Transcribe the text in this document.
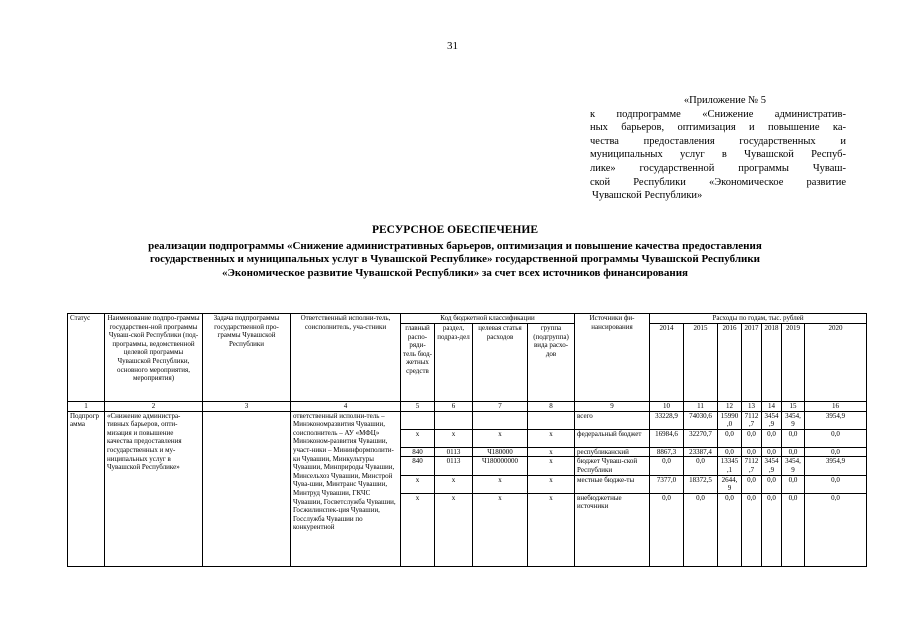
31
«Приложение № 5
к подпрограмме «Снижение административ-
ных барьеров, оптимизация и повышение ка-
чества предоставления государственных и
муниципальных услуг в Чувашской Респуб-
лике» государственной программы Чуваш-
ской Республики «Экономическое развитие
Чувашской Республики»
РЕСУРСНОЕ ОБЕСПЕЧЕНИЕ
реализации подпрограммы «Снижение административных барьеров, оптимизация и повышение качества предоставления
государственных и муниципальных услуг в Чувашской Республике» государственной программы Чувашской Республики
«Экономическое развитие Чувашской Республики» за счет всех источников финансирования
Статус	Наименование подпро-граммы государствен-ной программы Чуваш-ской Республики (под-программы, ведомственной целевой программы Чувашской Республики, основного мероприятия, мероприятия)	Задача подпрограммы государственной про-граммы Чувашской Республики	Ответственный исполни-тель, соисполнитель, уча-стники	Код бюджетной классификации				Источники фи-нансирования	Расходы по годам, тыс. рублей						
				главный распо-ряди-тель бюд-жетных средств	раздел, подраз-дел	целевая статья расходов	группа (подгруппа) вида расхо-дов		2014	2015	2016	2017	2018	2019	2020
1	2	3	4	5	6	7	8	9	10	11	12	13	14	15	16
Подпрограмма	«Снижение администра-тивных барьеров, опти-мизация и повышение качества предоставления государственных и му-ниципальных услуг в Чувашской Республике»		ответственный исполни-тель – Минэкономразвития Чувашии, соисполнитель – АУ «МФЦ» Минэконом-развития Чувашии, участ-ники – Мининформполити-ки Чувашии, Минкультуры Чувашии, Минприроды Чувашии, Минсельхоз Чувашии, Минстрой Чува-шии, Минтранс Чувашии, Минтруд Чувашии, ГКЧС Чувашии, Госветслужба Чувашии, Госжилинспек-ция Чувашии, Госслужба Чувашии по конкурентной					всего	33228,9	74030,6	15990,0	7112,7	3454,9	3454,9	3954,9
				x	x	x	x	федеральный бюджет	16984,6	32270,7	0,0	0,0	0,0	0,0	0,0
				840	0113	Ч180000	x	республиканский	8867,3	23387,4	0,0	0,0	0,0	0,0	0,0
				840	0113	Ч180000000	x	бюджет Чуваш-ской Республики	0,0	0,0	13345,1	7112,7	3454,9	3454,9	3954,9
				x	x	x	x	местные бюдже-ты	7377,0	18372,5	2644,9	0,0	0,0	0,0	0,0
				x	x	x	x	внебюджетные источники	0,0	0,0	0,0	0,0	0,0	0,0	0,0
